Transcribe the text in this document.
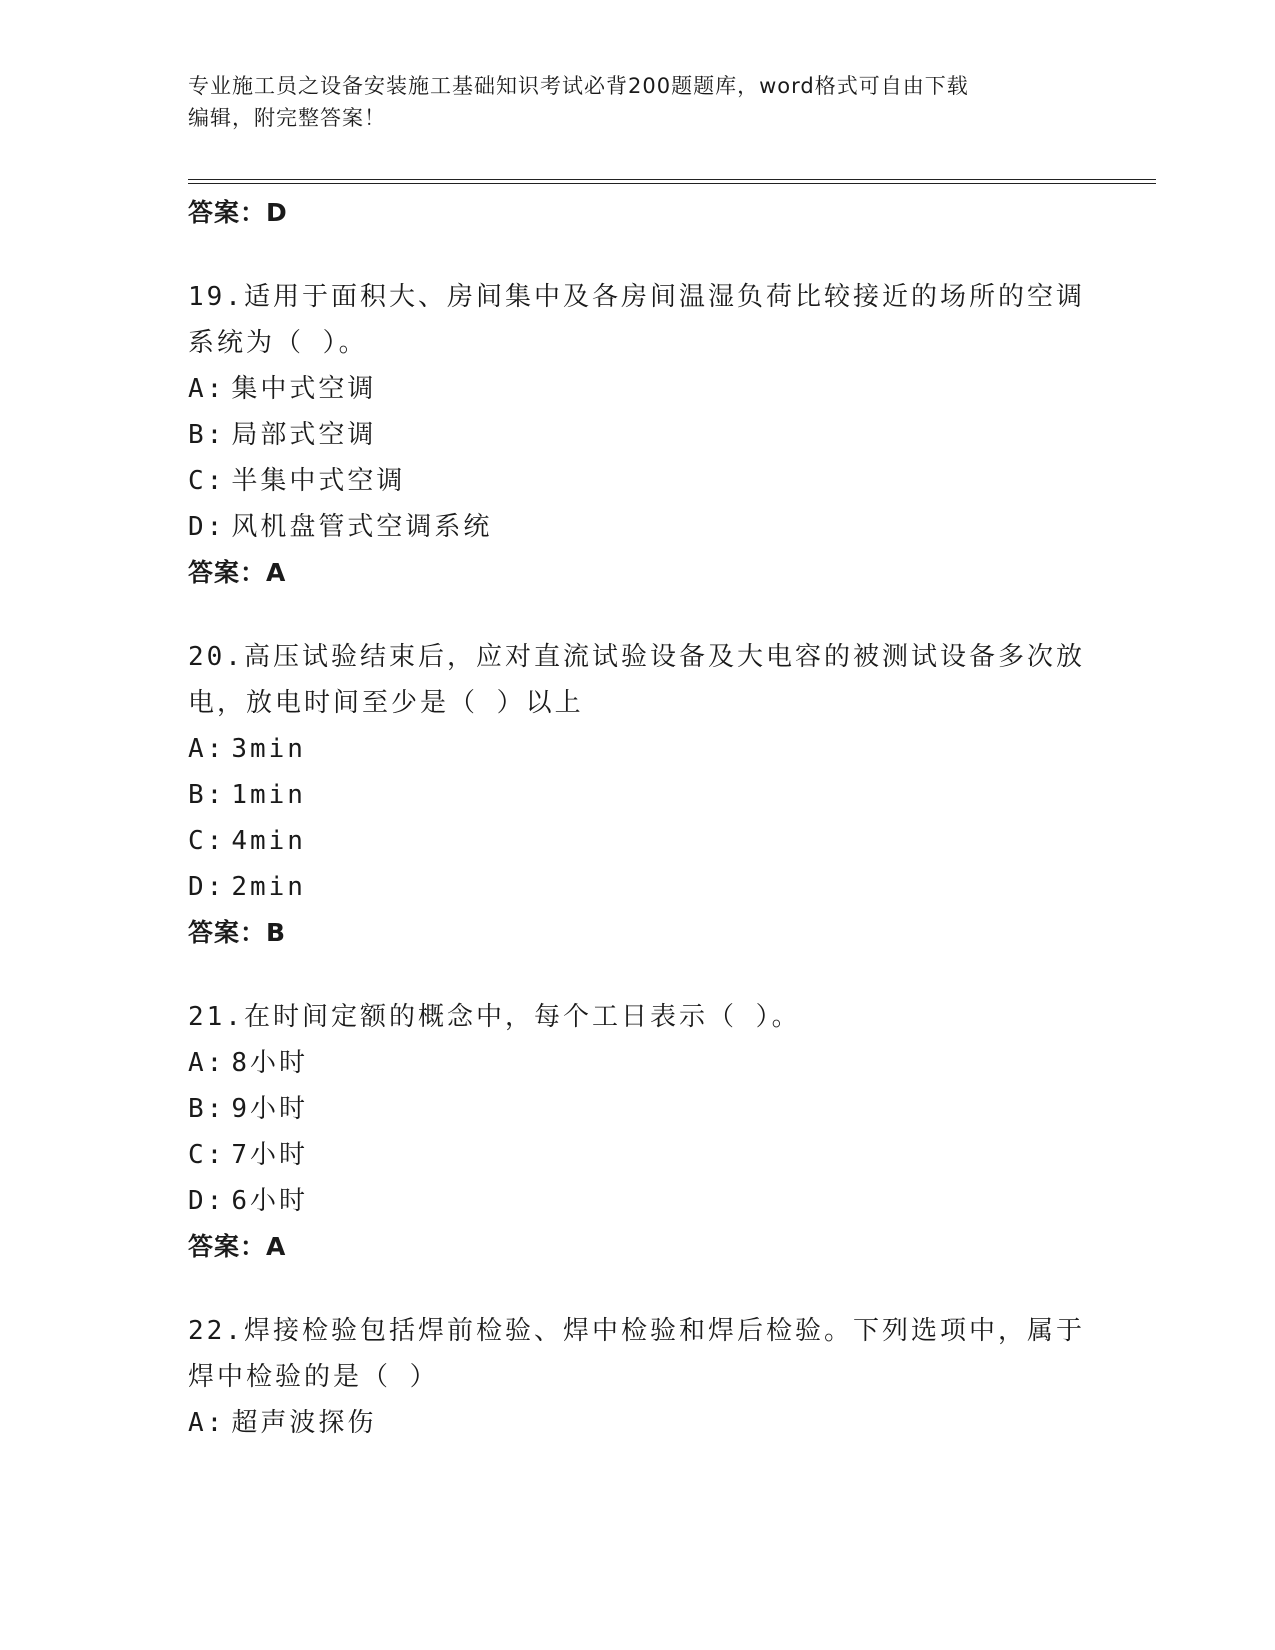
专业施工员之设备安装施工基础知识考试必背200题题库，word格式可自由下载
编辑，附完整答案！
答案：D
19.适用于面积大、房间集中及各房间温湿负荷比较接近的场所的空调
系统为（ ）。
A: 集中式空调
B: 局部式空调
C: 半集中式空调
D: 风机盘管式空调系统
答案：A
20.高压试验结束后，应对直流试验设备及大电容的被测试设备多次放
电，放电时间至少是（ ）以上
A: 3min
B: 1min
C: 4min
D: 2min
答案：B
21.在时间定额的概念中，每个工日表示（ ）。
A: 8小时
B: 9小时
C: 7小时
D: 6小时
答案：A
22.焊接检验包括焊前检验、焊中检验和焊后检验。下列选项中，属于
焊中检验的是（ ）
A: 超声波探伤
